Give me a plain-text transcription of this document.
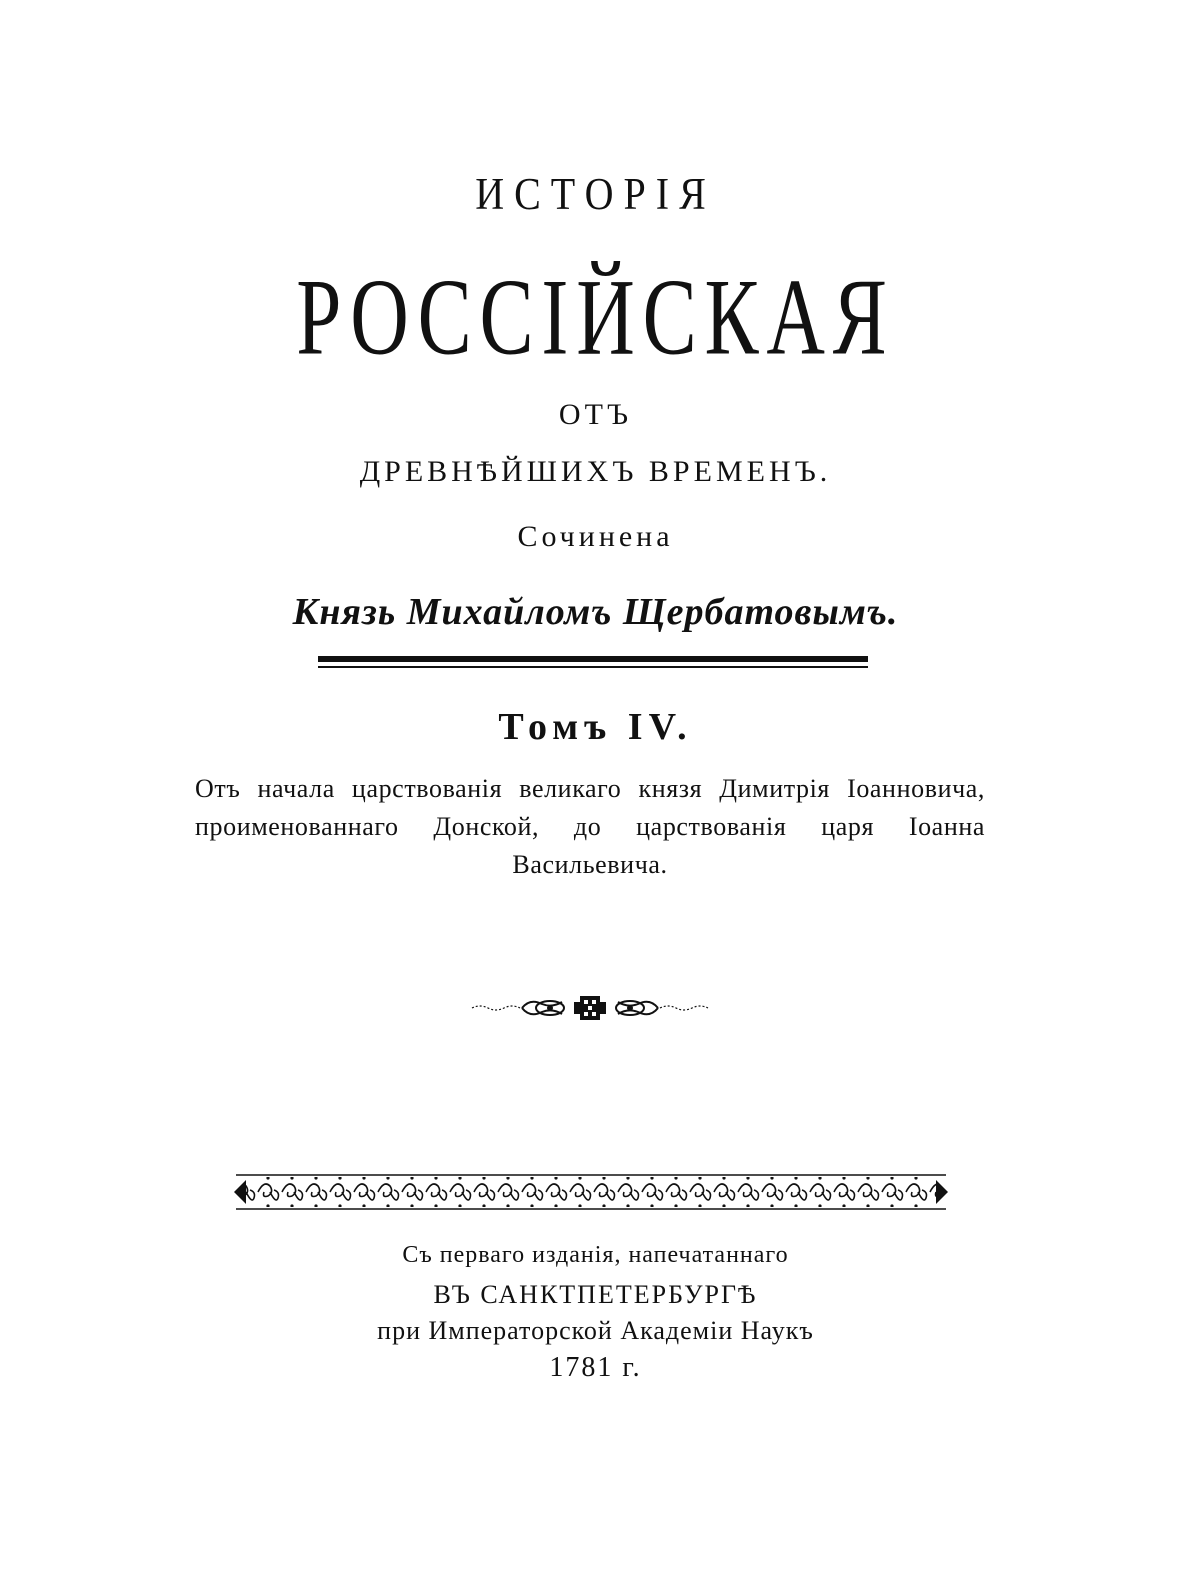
ИСТОРІЯ
РОССІЙСКАЯ
ОТЪ
ДРЕВНѢЙШИХЪ ВРЕМЕНЪ.
Сочинена
Князь Михайломъ Щербатовымъ.
Томъ IV.
Отъ начала царствованія великаго князя Димитрія Іоанновича, проименованнаго Донской, до царствованія царя Іоанна Васильевича.
Съ перваго изданія, напечатаннаго
ВЪ САНКТПЕТЕРБУРГѢ
при Императорской Академіи Наукъ
1781 г.
